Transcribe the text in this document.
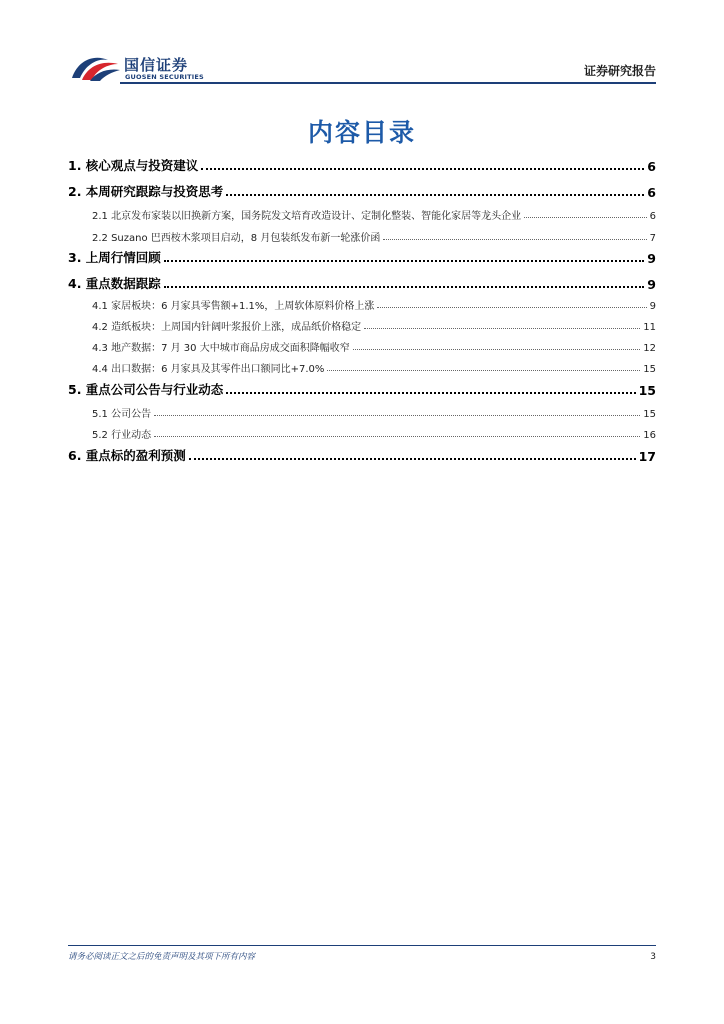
国信证券
GUOSEN SECURITIES	证券研究报告
内容目录
1. 核心观点与投资建议	6
2. 本周研究跟踪与投资思考	6
2.1 北京发布家装以旧换新方案，国务院发文培育改造设计、定制化整装、智能化家居等龙头企业	6
2.2 Suzano 巴西桉木浆项目启动，8 月包装纸发布新一轮涨价函	7
3. 上周行情回顾	9
4. 重点数据跟踪	9
4.1 家居板块：6 月家具零售额+1.1%，上周软体原料价格上涨	9
4.2 造纸板块：上周国内针阔叶浆报价上涨，成品纸价格稳定	11
4.3 地产数据：7 月 30 大中城市商品房成交面积降幅收窄	12
4.4 出口数据：6 月家具及其零件出口额同比+7.0%	15
5. 重点公司公告与行业动态	15
5.1 公司公告	15
5.2 行业动态	16
6. 重点标的盈利预测	17
请务必阅读正文之后的免责声明及其项下所有内容	3
